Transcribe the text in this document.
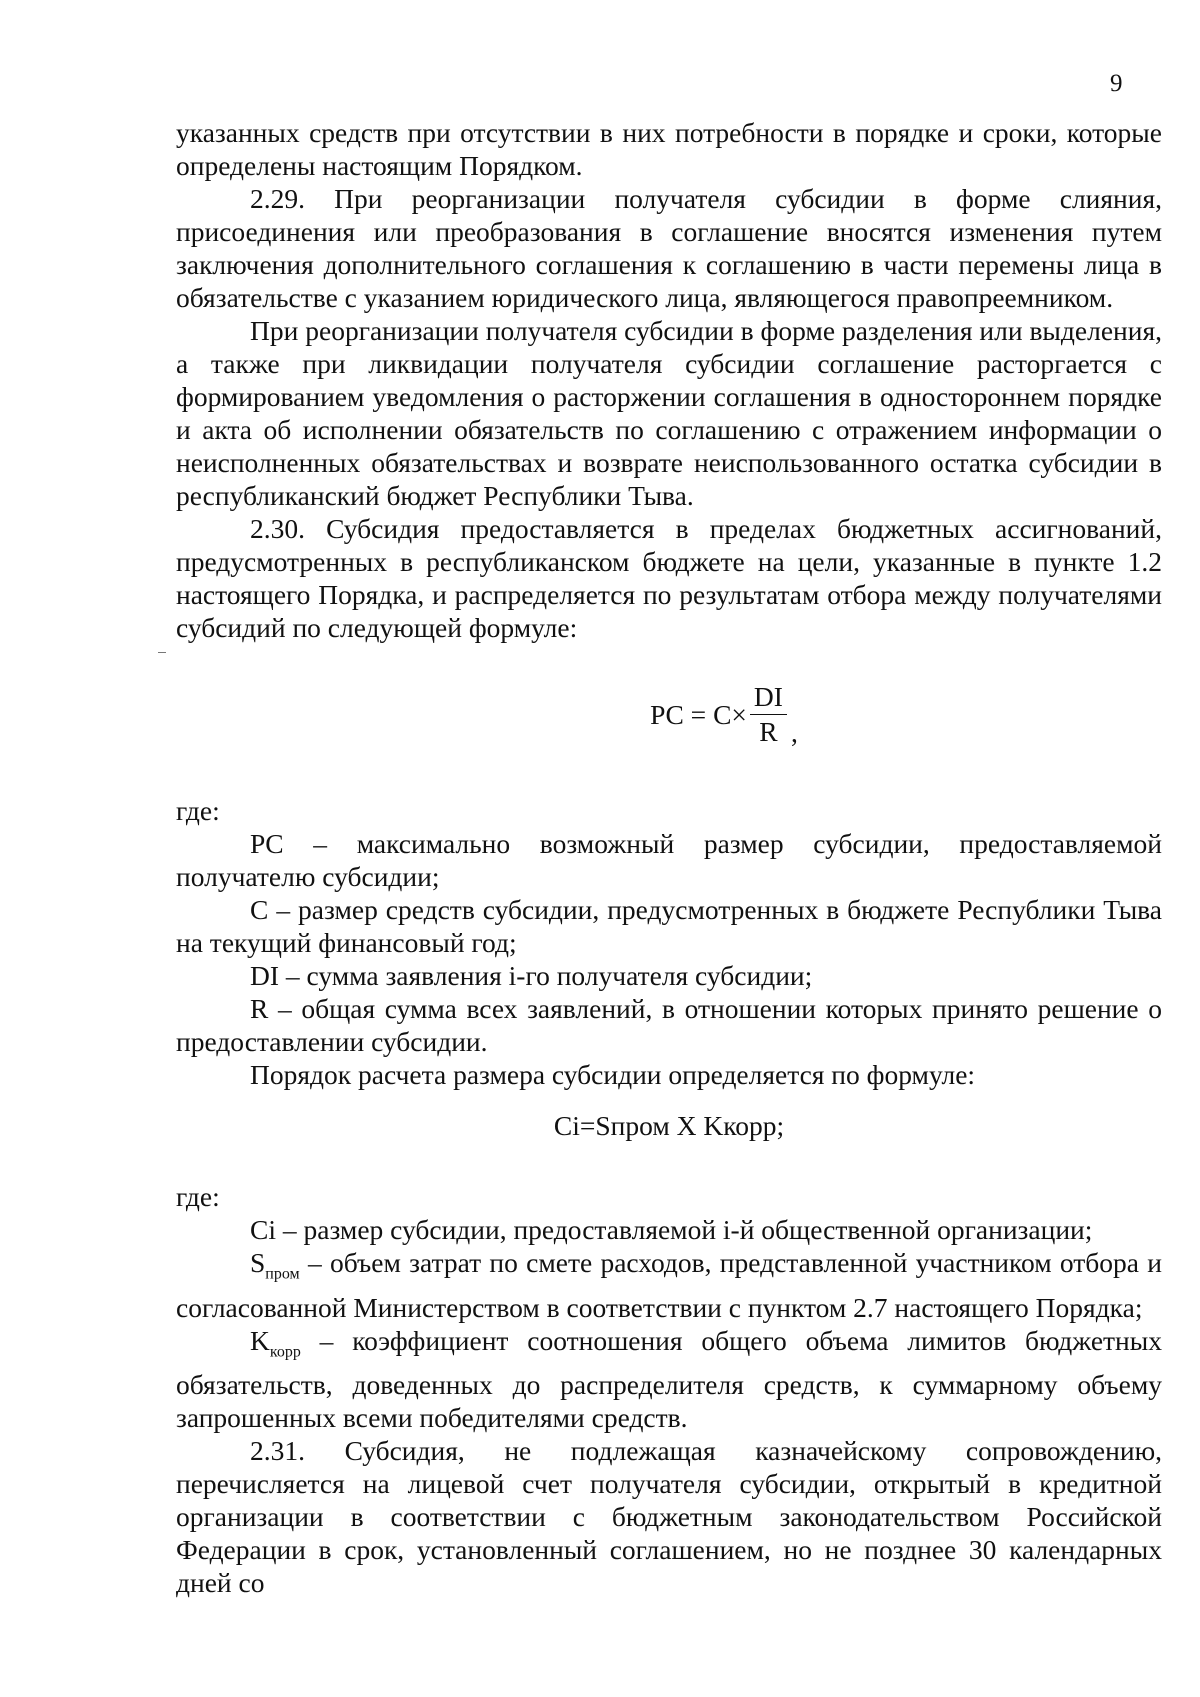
9

указанных средств при отсутствии в них потребности в порядке и сроки, которые определены настоящим Порядком.

2.29. При реорганизации получателя субсидии в форме слияния, присоединения или преобразования в соглашение вносятся изменения путем заключения дополнительного соглашения к соглашению в части перемены лица в обязательстве с указанием юридического лица, являющегося правопреемником.

При реорганизации получателя субсидии в форме разделения или выделения, а также при ликвидации получателя субсидии соглашение расторгается с формированием уведомления о расторжении соглашения в одностороннем порядке и акта об исполнении обязательств по соглашению с отражением информации о неисполненных обязательствах и возврате неиспользованного остатка субсидии в республиканский бюджет Республики Тыва.

2.30. Субсидия предоставляется в пределах бюджетных ассигнований, предусмотренных в республиканском бюджете на цели, указанные в пункте 1.2 настоящего Порядка, и распределяется по результатам отбора между получателями субсидий по следующей формуле:

PC = $C\times \frac{DI}{R}$ ,

где:

PC – максимально возможный размер субсидии, предоставляемой получателю субсидии;

C – размер средств субсидии, предусмотренных в бюджете Республики Тыва на текущий финансовый год;

DI – сумма заявления i-го получателя субсидии;

R – общая сумма всех заявлений, в отношении которых принято решение о предоставлении субсидии.

Порядок расчета размера субсидии определяется по формуле:

Ci=Sпром X Kкорр;

где:

Ci – размер субсидии, предоставляемой i-й общественной организации;

$S_{пром}$ – объем затрат по смете расходов, представленной участником отбора и согласованной Министерством в соответствии с пунктом 2.7 настоящего Порядка;

$K_{корр}$ – коэффициент соотношения общего объема лимитов бюджетных обязательств, доведенных до распределителя средств, к суммарному объему запрошенных всеми победителями средств.

2.31. Субсидия, не подлежащая казначейскому сопровождению, перечисляется на лицевой счет получателя субсидии, открытый в кредитной организации в соответствии с бюджетным законодательством Российской Федерации в срок, установленный соглашением, но не позднее 30 календарных дней со
